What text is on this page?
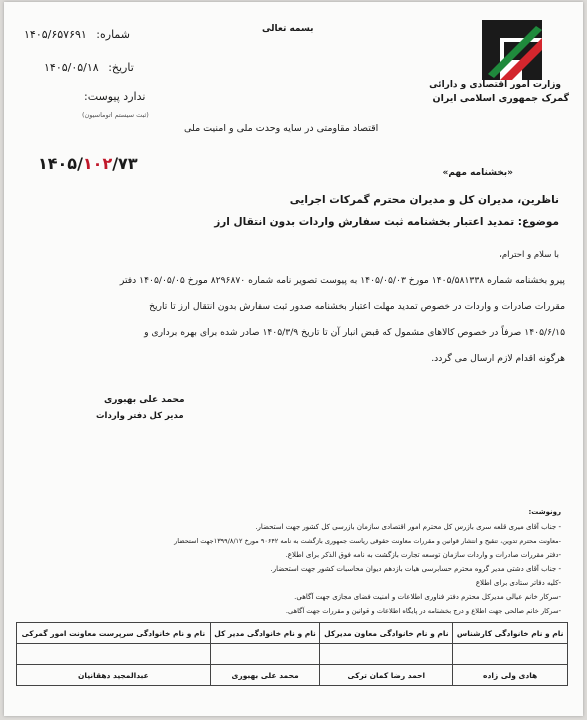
وزارت امور اقتصادی و دارائی
گمرک جمهوری اسلامی ایران
بسمه تعالی
۱۴۰۵/۶۵۷۶۹۱ شماره:
۱۴۰۵/۰۵/۱۸ تاریخ:
ندارد پیوست:
(ثبت سیستم اتوماسیون)
اقتصاد مقاومتی در سایه وحدت ملی و امنیت ملی
۱۴۰۵/۱۰۲/۷۳	«بخشنامه مهم»
ناظرین، مدیران کل و مدیران محترم گمرکات اجرایی
موضوع: تمدید اعتبار بخشنامه ثبت سفارش واردات بدون انتقال ارز
با سلام و احترام،
پیرو بخشنامه شماره ۱۴۰۵/۵۸۱۳۳۸ مورخ ۱۴۰۵/۰۵/۰۳ به پیوست تصویر نامه شماره ۸۲۹۶۸۷۰ مورخ ۱۴۰۵/۰۵/۰۵ دفتر
مقررات صادرات و واردات در خصوص تمدید مهلت اعتبار بخشنامه صدور ثبت سفارش بدون انتقال ارز تا تاریخ
۱۴۰۵/۶/۱۵ صرفاً در خصوص کالاهای مشمول که قبض انبار آن تا تاریخ ۱۴۰۵/۳/۹ صادر شده برای بهره برداری و
هرگونه اقدام لازم ارسال می گردد.
محمد علی بهبوری
مدیر کل دفتر واردات
رونوشت:
- جناب آقای میری قلعه سری بازرس کل محترم امور اقتصادی سازمان بازرسی کل کشور جهت استحضار.
-معاونت محترم تدوین، تنقیح و انتشار قوانین و مقررات معاونت حقوقی ریاست جمهوری بازگشت به نامه ۹۰۶۴۲ مورخ ۱۳۹۹/۸/۱۲جهت استحضار
-دفتر مقررات صادرات و واردات سازمان توسعه تجارت بازگشت به نامه فوق الذکر برای اطلاع.
- جناب آقای دشتی مدیر گروه محترم حسابرسی هیات بازدهم دیوان محاسبات کشور جهت استحضار.
-کلیه دفاتر ستادی برای اطلاع
-سرکار خانم عیالی مدیرکل محترم دفتر فناوری اطلاعات و امنیت فضای مجازی جهت آگاهی.
-سرکار خانم صالحی جهت اطلاع و درج بخشنامه در پایگاه اطلاعات و قوانین و مقررات جهت آگاهی.
نام و نام خانوادگی کارشناس	نام و نام خانوادگی معاون مدیرکل	نام و نام خانوادگی مدیر کل	نام و نام خانوادگی سرپرست معاونت امور گمرکی

هادی ولی زاده	احمد رضا کمان ترکی	محمد علی بهبوری	عبدالمجید دهقانیان
